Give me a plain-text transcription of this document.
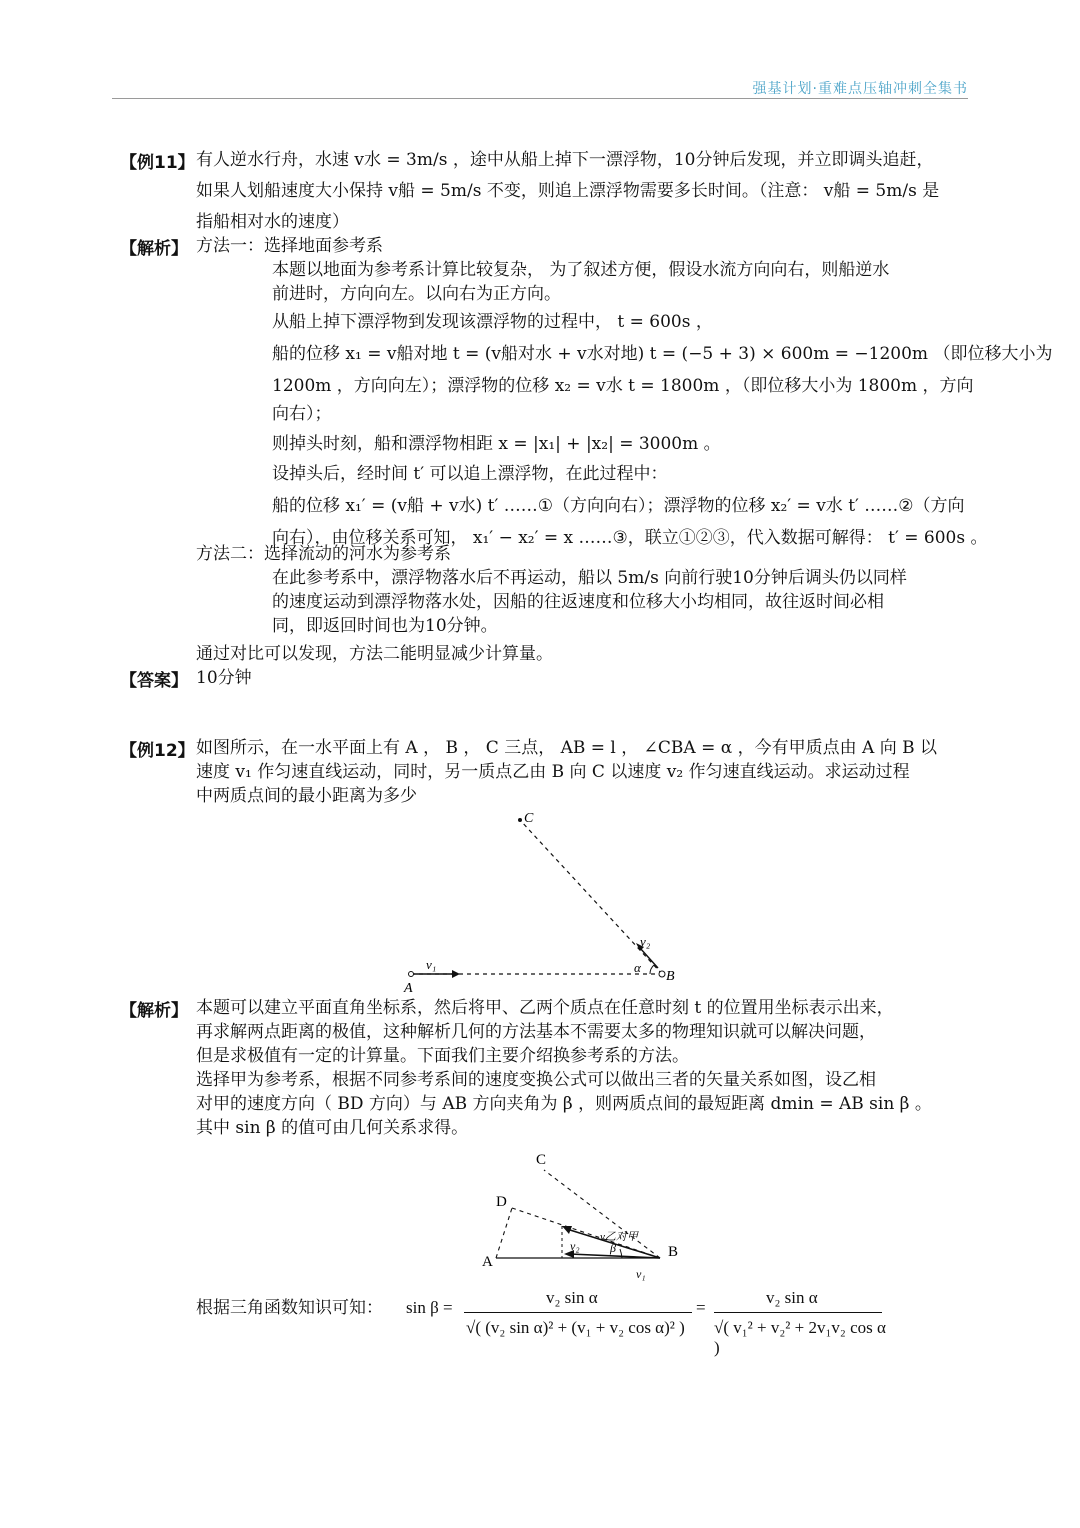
强基计划·重难点压轴冲刺全集书
【例11】 有人逆水行舟，水速 v水 = 3m/s ，途中从船上掉下一漂浮物，10分钟后发现，并立即调头追赶，
如果人划船速度大小保持 v船 = 5m/s 不变，则追上漂浮物需要多长时间。（注意： v船 = 5m/s 是
指船相对水的速度）
【解析】 方法一：选择地面参考系
本题以地面为参考系计算比较复杂， 为了叙述方便，假设水流方向向右，则船逆水
前进时，方向向左。以向右为正方向。
从船上掉下漂浮物到发现该漂浮物的过程中， t = 600s ，
船的位移 x₁ = v船对地 t = (v船对水 + v水对地) t = (−5 + 3) × 600m = −1200m （即位移大小为
1200m ，方向向左）；漂浮物的位移 x₂ = v水 t = 1800m ，（即位移大小为 1800m ，方向
向右）；
则掉头时刻，船和漂浮物相距 x = |x₁| + |x₂| = 3000m 。
设掉头后，经时间 t′ 可以追上漂浮物，在此过程中：
船的位移 x₁′ = (v船 + v水) t′ ……①（方向向右）；漂浮物的位移 x₂′ = v水 t′ ……②（方向
向右），由位移关系可知， x₁′ − x₂′ = x ……③，联立①②③，代入数据可解得： t′ = 600s 。
方法二：选择流动的河水为参考系
在此参考系中，漂浮物落水后不再运动，船以 5m/s 向前行驶10分钟后调头仍以同样
的速度运动到漂浮物落水处，因船的往返速度和位移大小均相同，故往返时间必相
同，即返回时间也为10分钟。
通过对比可以发现，方法二能明显减少计算量。
【答案】 10分钟
【例12】 如图所示，在一水平面上有 A ， B ， C 三点， AB = l ， ∠CBA = α ，今有甲质点由 A 向 B 以
速度 v₁ 作匀速直线运动，同时，另一质点乙由 B 向 C 以速度 v₂ 作匀速直线运动。求运动过程
中两质点间的最小距离为多少
C
A
B
v₁
v₂
α
【解析】 本题可以建立平面直角坐标系，然后将甲、乙两个质点在任意时刻 t 的位置用坐标表示出来，
再求解两点距离的极值，这种解析几何的方法基本不需要太多的物理知识就可以解决问题，
但是求极值有一定的计算量。下面我们主要介绍换参考系的方法。
选择甲为参考系，根据不同参考系间的速度变换公式可以做出三者的矢量关系如图，设乙相
对甲的速度方向（ BD 方向）与 AB 方向夹角为 β ，则两质点间的最短距离 dmin = AB sin β 。
其中 sin β 的值可由几何关系求得。
C
D
A
B
v₁
v₂
v乙对甲
β
根据三角函数知识可知： sin β =
v₂ sin α
√( (v₂ sin α)² + (v₁ + v₂ cos α)² )
=
v₂ sin α
√( v₁² + v₂² + 2v₁v₂ cos α )
